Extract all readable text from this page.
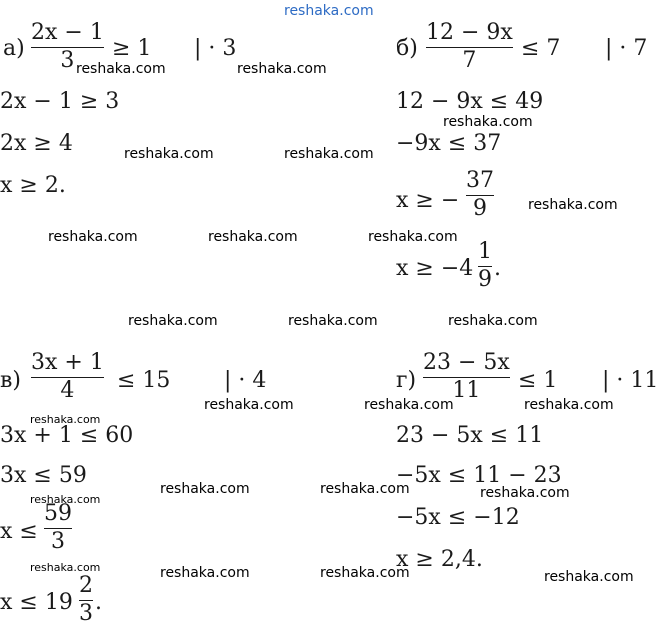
reshaka.com
а)
2x − 1
3	≥ 1 | · 3
2x − 1 ≥ 3
2x ≥ 4
x ≥ 2.
б)
12 − 9x
7	≤ 7 | · 7
12 − 9x ≤ 49
−9x ≤ 37
x ≥ −
37
9
x ≥ −4
1
9 .
в)
3x + 1
4	≤ 15 | · 4
3x + 1 ≤ 60
3x ≤ 59
x ≤
59
3
x ≤ 19
2
3 .
г)
23 − 5x
11	≤ 1 | · 11
23 − 5x ≤ 11
−5x ≤ 11 − 23
−5x ≤ −12
x ≥ 2,4.
reshaka.com	reshaka.com
reshaka.com
reshaka.com	reshaka.com
reshaka.com
reshaka.com	reshaka.com	reshaka.com
reshaka.com	reshaka.com	reshaka.com
reshaka.com	reshaka.com	reshaka.com
reshaka.com
reshaka.com
reshaka.com	reshaka.com	reshaka.com
reshaka.com	reshaka.com	reshaka.com	reshaka.com
